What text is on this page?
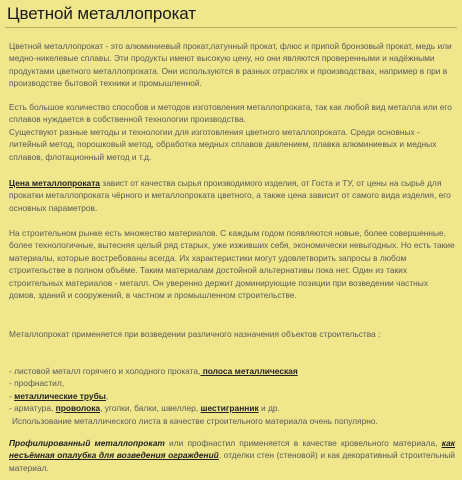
Цветной металлопрокат

Цветной металлопрокат - это алюминиевый прокат,латунный прокат, флюс и припой бронзовый прокат, медь или медно-никелевые сплавы. Эти продукты имеют высокую цену, но они являются проверенными и надёжными продуктами цветного металлопроката. Они используются в разных отраслях и производствах, например в при в производстве бытовой техники и промышленной.

Есть большое количество способов и методов изготовления металлопроката, так как любой вид металла или его сплавов нуждается в собственной технологии производства.
Существуют разные методы и технологии для изготовления цветного металлопроката. Среди основных - литейный метод, порошковый метод, обработка медных сплавов давлением, плавка алюминиевых и медных сплавов, флотационный метод и т.д.

Цена металлопроката завист от качества сырья производимого изделия, от Госта и ТУ, от цены на сырьё для прокатки металлопроката чёрного и металлопроката цветного, а также цена зависит от самого вида изделия, его основных параметров.

На строительном рынке есть множество материалов. С каждым годом появляются новые, более совершенные, более технологичные, вытесняя целый ряд старых, уже изживших себя, экономически невыгодных. Но есть такие материалы, которые востребованы всегда. Их характеристики могут удовлетворить запросы в любом строительстве в полном объёме. Таким материалам достойной альтернативы пока нет. Один из таких строительных материалов - металл. Он уверенно держит доминирующие позиции при возведении частных домов, зданий и сооружений, в частном и промышленном строительстве.

Металлопрокат применяется при возведении различного назначения объектов строительства :

- листовой металл горячего и холодного проката, полоса металлическая
- профнастил,
- металлические трубы,
- арматура, проволока, уголки, балки, швеллер, шестигранник и др.
Использование металлического листа в качестве строительного материала очень популярно.

Профилированный металлопрокат или профнастил применяется в качестве кровельного материала, как несъёмная опалубка для возведения ограждений, отделки стен (стеновой) и как декоративный строительный материал.
